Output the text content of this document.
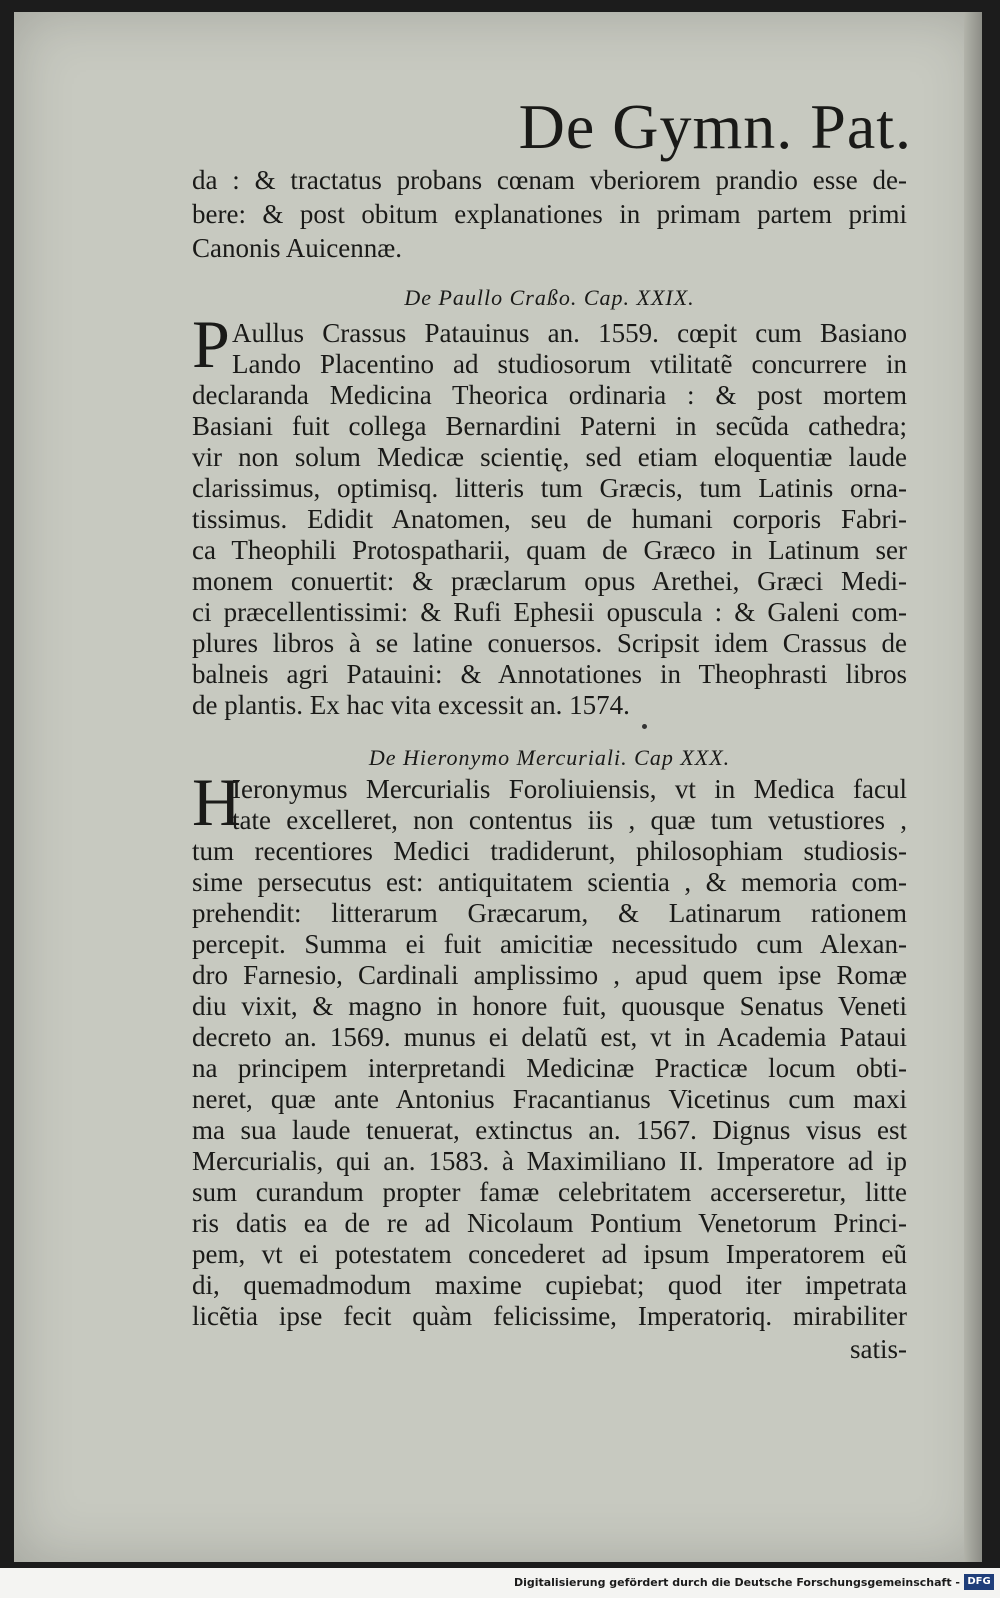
De Gymn. Pat.
da : & tractatus probans cœnam vberiorem prandio esse de-
bere: & post obitum explanationes in primam partem primi
Canonis Auicennæ.
De Paullo Craßo. Cap. XXIX.
P Aullus Crassus Patauinus an. 1559. cœpit cum Basiano
Lando Placentino ad studiosorum vtilitatẽ concurrere in
declaranda Medicina Theorica ordinaria : & post mortem
Basiani fuit collega Bernardini Paterni in secũda cathedra;
vir non solum Medicæ scientię, sed etiam eloquentiæ laude
clarissimus, optimisq. litteris tum Græcis, tum Latinis orna-
tissimus. Edidit Anatomen, seu de humani corporis Fabri-
ca Theophili Protospatharii, quam de Græco in Latinum ser
monem conuertit: & præclarum opus Arethei, Græci Medi-
ci præcellentissimi: & Rufi Ephesii opuscula : & Galeni com-
plures libros à se latine conuersos. Scripsit idem Crassus de
balneis agri Patauini: & Annotationes in Theophrasti libros
de plantis. Ex hac vita excessit an. 1574.
De Hieronymo Mercuriali. Cap XXX.
H
Ieronymus Mercurialis Foroliuiensis, vt in Medica facul
tate excelleret, non contentus iis , quæ tum vetustiores ,
tum recentiores Medici tradiderunt, philosophiam studiosis-
sime persecutus est: antiquitatem scientia , & memoria com-
prehendit: litterarum Græcarum, & Latinarum rationem
percepit. Summa ei fuit amicitiæ necessitudo cum Alexan-
dro Farnesio, Cardinali amplissimo , apud quem ipse Romæ
diu vixit, & magno in honore fuit, quousque Senatus Veneti
decreto an. 1569. munus ei delatũ est, vt in Academia Pataui
na principem interpretandi Medicinæ Practicæ locum obti-
neret, quæ ante Antonius Fracantianus Vicetinus cum maxi
ma sua laude tenuerat, extinctus an. 1567. Dignus visus est
Mercurialis, qui an. 1583. à Maximiliano II. Imperatore ad ip
sum curandum propter famæ celebritatem accerseretur, litte
ris datis ea de re ad Nicolaum Pontium Venetorum Princi-
pem, vt ei potestatem concederet ad ipsum Imperatorem eũ
di, quemadmodum maxime cupiebat; quod iter impetrata
licẽtia ipse fecit quàm felicissime, Imperatoriq. mirabiliter
satis-
Digitalisierung gefördert durch die Deutsche Forschungsgemeinschaft - DFG
